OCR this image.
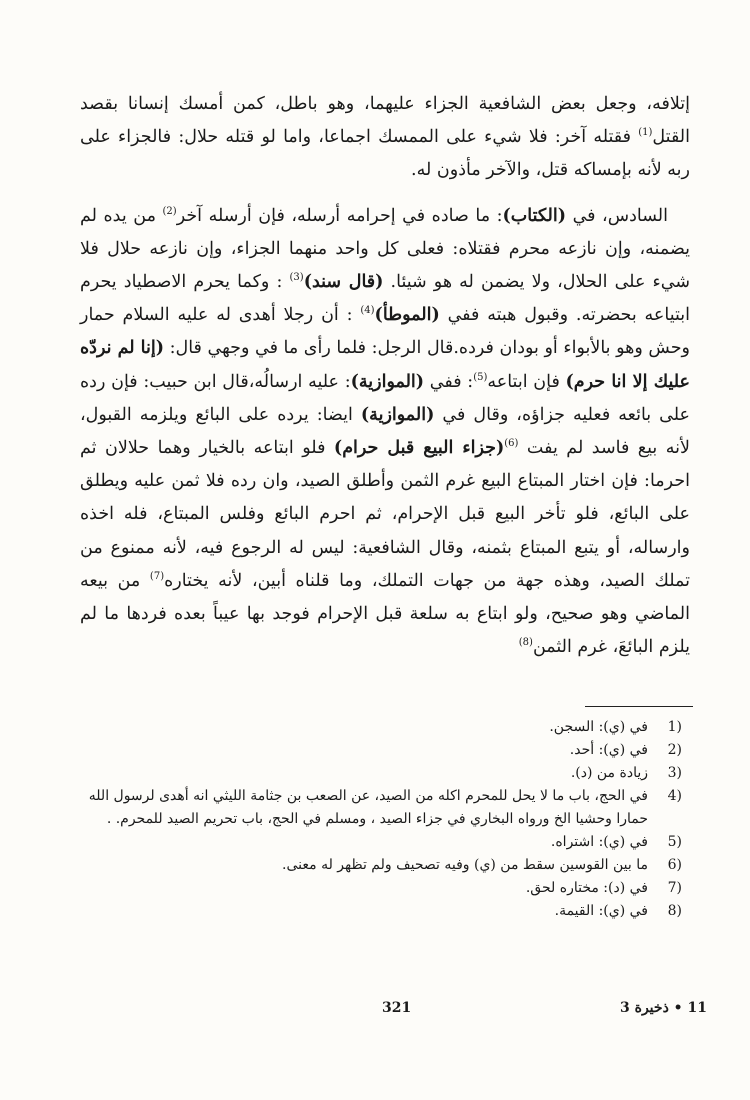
إتلافه، وجعل بعض الشافعية الجزاء عليهما، وهو باطل، كمن أمسك إنسانا بقصد القتل$^{(1)}$ فقتله آخر: فلا شيء على الممسك اجماعا، واما لو قتله حلال: فالجزاء على ربه لأنه بإمساكه قتل، والآخر مأذون له.

السادس، في (الكتاب): ما صاده في إحرامه أرسله، فإن أرسله آخر$^{(2)}$ من يده لم يضمنه، وإن نازعه محرم فقتلاه: فعلى كل واحد منهما الجزاء، وإن نازعه حلال فلا شيء على الحلال، ولا يضمن له هو شيئا. (قال سند)$^{(3)}$ : وكما يحرم الاصطياد يحرم ابتياعه بحضرته. وقبول هبته ففي (الموطأ)$^{(4)}$ : أن رجلا أهدى له عليه السلام حمار وحش وهو بالأبواء أو بودان فرده.قال الرجل: فلما رأى ما في وجهي قال: (إنا لم نردّه عليك إلا انا حرم) فإن ابتاعه$^{(5)}$: ففي (الموازية): عليه ارسالُه،قال ابن حبيب: فإن رده على بائعه فعليه جزاؤه، وقال في (الموازية) ايضا: يرده على البائع ويلزمه القبول، لأنه بيع فاسد لم يفت $^{(6)}$(جزاء البيع قبل حرام) فلو ابتاعه بالخيار وهما حلالان ثم احرما: فإن اختار المبتاع البيع غرم الثمن وأطلق الصيد، وان رده فلا ثمن عليه ويطلق على البائع، فلو تأخر البيع قبل الإحرام، ثم احرم البائع وفلس المبتاع، فله اخذه وارساله، أو يتبع المبتاع بثمنه، وقال الشافعية: ليس له الرجوع فيه، لأنه ممنوع من تملك الصيد، وهذه جهة من جهات التملك، وما قلناه أبين، لأنه يختاره$^{(7)}$ من بيعه الماضي وهو صحيح، ولو ابتاع به سلعة قبل الإحرام فوجد بها عيباً بعده فردها ما لم يلزم البائعَ، غرم الثمن$^{(8)}$

1)
في (ي): السجن.
2)
في (ي): أحد.
3)
زيادة من (د).
4)
في الحج، باب ما لا يحل للمحرم اكله من الصيد، عن الصعب بن جثامة الليثي انه أهدى لرسول الله حمارا وحشيا الخ ورواه البخاري في جزاء الصيد ، ومسلم في الحج، باب تحريم الصيد للمحرم. .
5)
في (ي): اشتراه.
6)
ما بين القوسين سقط من (ي) وفيه تصحيف ولم تظهر له معنى.
7)
في (د): مختاره لحق.
8)
في (ي): القيمة.
321	11 • ذخيرة 3
